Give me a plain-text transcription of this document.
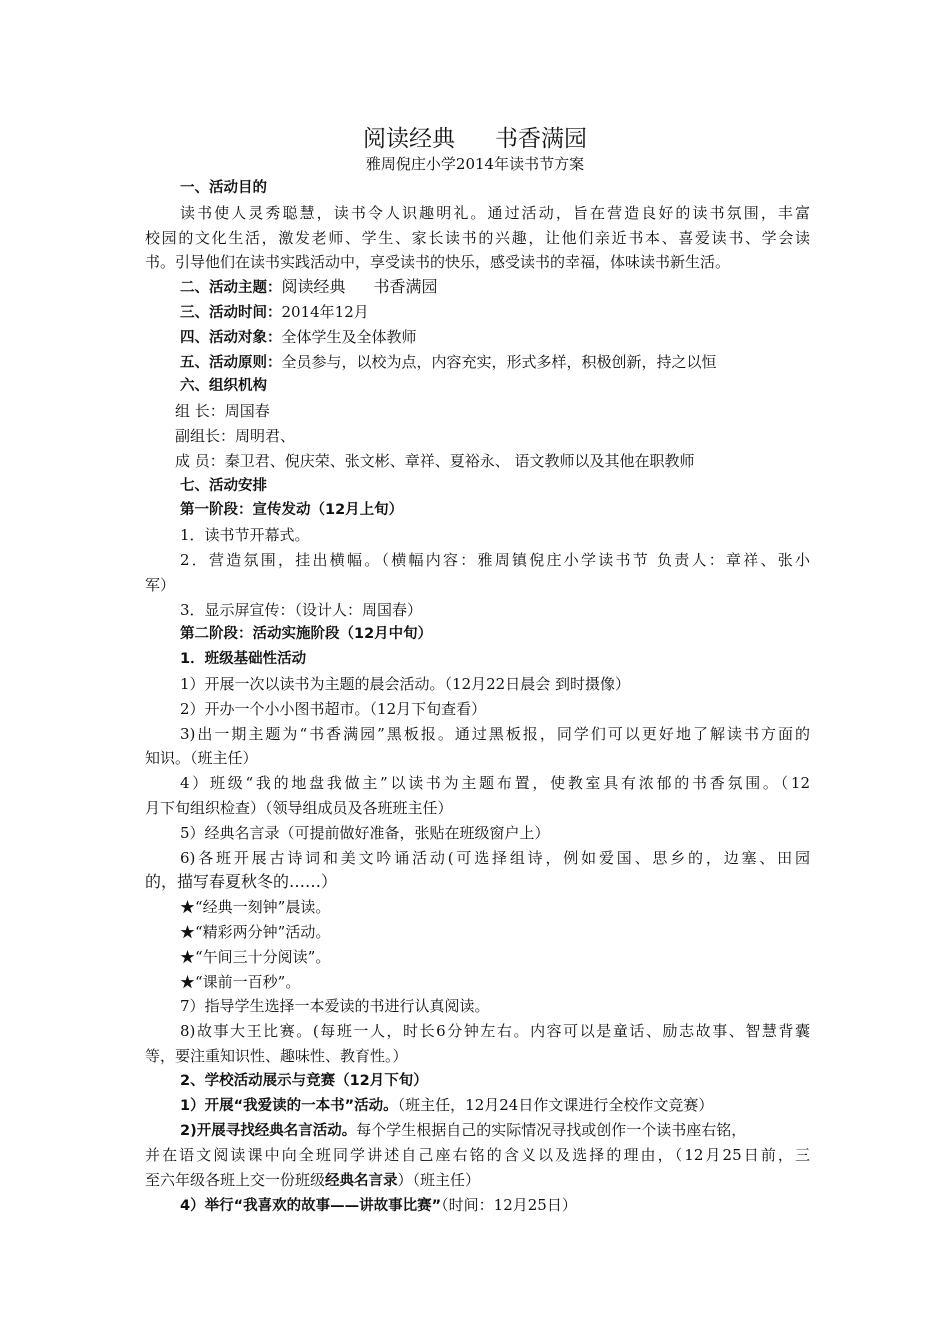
阅读经典 书香满园
雅周倪庄小学2014年读书节方案
一、活动目的
读书使人灵秀聪慧，读书令人识趣明礼。通过活动，旨在营造良好的读书氛围，丰富
校园的文化生活，激发老师、学生、家长读书的兴趣，让他们亲近书本、喜爱读书、学会读
书。引导他们在读书实践活动中，享受读书的快乐，感受读书的幸福，体味读书新生活。
二、活动主题：阅读经典 书香满园
三、活动时间：2014年12月
四、活动对象：全体学生及全体教师
五、活动原则：全员参与，以校为点，内容充实，形式多样，积极创新，持之以恒
六、组织机构
组 长：周国春
副组长：周明君、
成 员：秦卫君、倪庆荣、张文彬、章祥、夏裕永、 语文教师以及其他在职教师
七、活动安排
第一阶段：宣传发动（12月上旬）
1．读书节开幕式。
2．营造氛围，挂出横幅。（横幅内容：雅周镇倪庄小学读书节 负责人：章祥、张小
军）
3．显示屏宣传：（设计人：周国春）
第二阶段：活动实施阶段（12月中旬）
1．班级基础性活动
1）开展一次以读书为主题的晨会活动。（12月22日晨会 到时摄像）
2）开办一个小小图书超市。（12月下旬查看）
3)出一期主题为“书香满园”黑板报。通过黑板报，同学们可以更好地了解读书方面的
知识。（班主任）
4）班级“我的地盘我做主”以读书为主题布置，使教室具有浓郁的书香氛围。（12
月下旬组织检查）（领导组成员及各班班主任）
5）经典名言录（可提前做好准备，张贴在班级窗户上）
6)各班开展古诗词和美文吟诵活动(可选择组诗，例如爱国、思乡的，边塞、田园
的，描写春夏秋冬的……）
★“经典一刻钟”晨读。
★“精彩两分钟”活动。
★“午间三十分阅读”。
★“课前一百秒”。
7）指导学生选择一本爱读的书进行认真阅读。
8)故事大王比赛。(每班一人，时长6分钟左右。内容可以是童话、励志故事、智慧背囊
等，要注重知识性、趣味性、教育性。）
2、学校活动展示与竞赛（12月下旬）
1）开展“我爱读的一本书”活动。（班主任，12月24日作文课进行全校作文竞赛）
2)开展寻找经典名言活动。每个学生根据自己的实际情况寻找或创作一个读书座右铭，
并在语文阅读课中向全班同学讲述自己座右铭的含义以及选择的理由，（12月25日前，三
至六年级各班上交一份班级经典名言录）（班主任）
4）举行“我喜欢的故事——讲故事比赛”（时间：12月25日）
